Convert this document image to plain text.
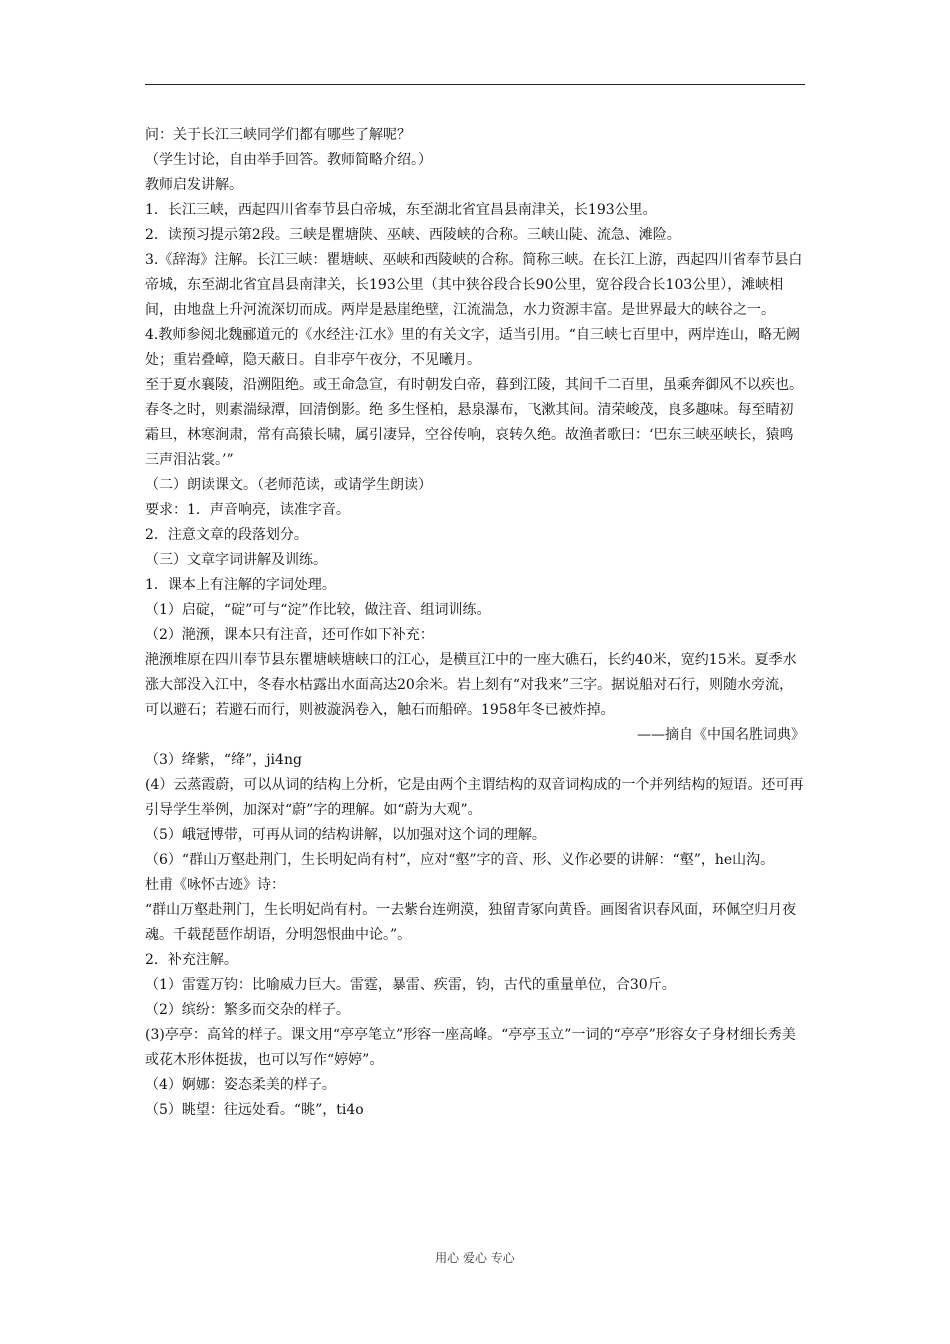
问：关于长江三峡同学们都有哪些了解呢？

（学生讨论，自由举手回答。教师简略介绍。）

教师启发讲解。

1．长江三峡，西起四川省奉节县白帝城，东至湖北省宜昌县南津关，长193公里。

2．读预习提示第2段。三峡是瞿塘陕、巫峡、西陵峡的合称。三峡山陡、流急、滩险。

3.《辞海》注解。长江三峡：瞿塘峡、巫峡和西陵峡的合称。简称三峡。在长江上游，西起四川省奉节县白帝城，东至湖北省宜昌县南津关，长193公里（其中狭谷段合长90公里，宽谷段合长103公里），滩峡相间，由地盘上升河流深切而成。两岸是悬崖绝壁，江流湍急，水力资源丰富。是世界最大的峡谷之一。

4.教师参阅北魏郦道元的《水经注·江水》里的有关文字，适当引用。“自三峡七百里中，两岸连山，略无阙处；重岩叠嶂，隐天蔽日。自非亭午夜分，不见曦月。

至于夏水襄陵，沿溯阻绝。或王命急宣，有时朝发白帝，暮到江陵，其间千二百里，虽乘奔御风不以疾也。

春冬之时，则素湍绿潭，回清倒影。绝 多生怪柏，悬泉瀑布，飞漱其间。清荣峻茂，良多趣味。每至晴初霜旦，林寒涧肃，常有高猿长啸，属引凄异，空谷传响，哀转久绝。故渔者歌曰：‘巴东三峡巫峡长，猿鸣三声泪沾裳。’”

（二）朗读课文。（老师范读，或请学生朗读）

要求：1．声音响亮，读准字音。

2．注意文章的段落划分。

（三）文章字词讲解及训练。

1．课本上有注解的字词处理。

（1）启碇，“碇”可与“淀”作比较，做注音、组词训练。

（2）滟滪，课本只有注音，还可作如下补充：

滟滪堆原在四川奉节县东瞿塘峡塘峡口的江心，是横亘江中的一座大礁石，长约40米，宽约15米。夏季水涨大部没入江中，冬春水枯露出水面高达20余米。岩上刻有“对我来”三字。据说船对石行，则随水旁流，可以避石；若避石而行，则被漩涡卷入，触石而船碎。1958年冬已被炸掉。

——摘自《中国名胜词典》

（3）绛紫，“绛”，ji4ng

(4）云蒸霞蔚，可以从词的结构上分析，它是由两个主谓结构的双音词构成的一个并列结构的短语。还可再引导学生举例，加深对“蔚”字的理解。如“蔚为大观”。

（5）峨冠博带，可再从词的结构讲解，以加强对这个词的理解。

（6）“群山万壑赴荆门，生长明妃尚有村”，应对“壑”字的音、形、义作必要的讲解：“壑”，he山沟。

杜甫《咏怀古迹》诗：

“群山万壑赴荆门，生长明妃尚有村。一去紫台连朔漠，独留青冢向黄昏。画图省识春风面，环佩空归月夜魂。千载琵琶作胡语，分明怨恨曲中论。”。

2．补充注解。

（1）雷霆万钧：比喻威力巨大。雷霆，暴雷、疾雷，钧，古代的重量单位，合30斤。

（2）缤纷：繁多而交杂的样子。

(3)亭亭：高耸的样子。课文用“亭亭笔立”形容一座高峰。“亭亭玉立”一词的“亭亭”形容女子身材细长秀美或花木形体挺拔，也可以写作“婷婷”。

（4）婀娜：姿态柔美的样子。

（5）眺望：往远处看。“眺”，ti4o

用心 爱心 专心
